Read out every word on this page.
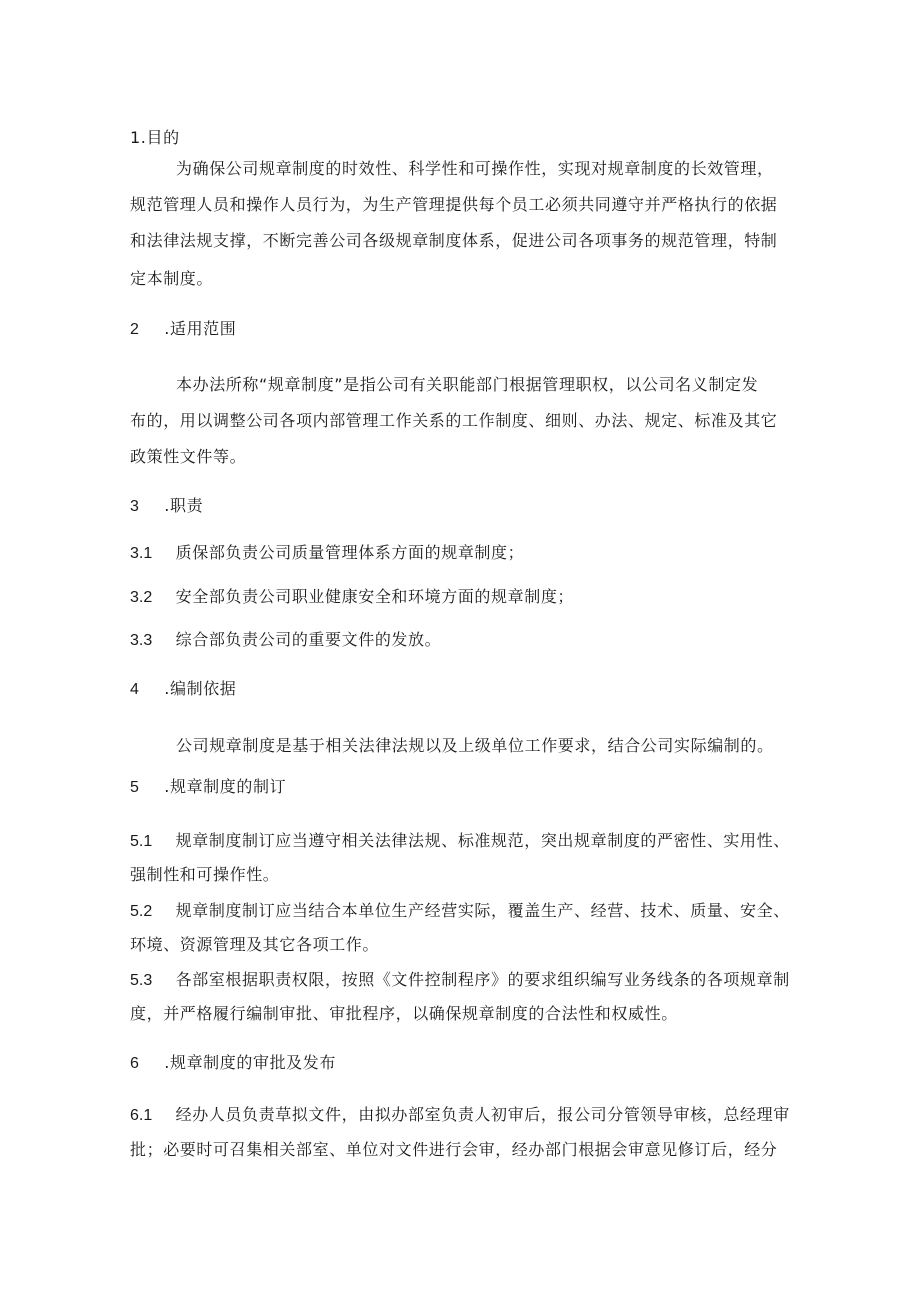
1.目的
为确保公司规章制度的时效性、科学性和可操作性，实现对规章制度的长效管理，
规范管理人员和操作人员行为，为生产管理提供每个员工必须共同遵守并严格执行的依据
和法律法规支撑，不断完善公司各级规章制度体系，促进公司各项事务的规范管理，特制
定本制度。
2 .适用范围
本办法所称“规章制度”是指公司有关职能部门根据管理职权，以公司名义制定发
布的，用以调整公司各项内部管理工作关系的工作制度、细则、办法、规定、标准及其它
政策性文件等。
3 .职责
3.1 质保部负责公司质量管理体系方面的规章制度；
3.2 安全部负责公司职业健康安全和环境方面的规章制度；
3.3 综合部负责公司的重要文件的发放。
4 .编制依据
公司规章制度是基于相关法律法规以及上级单位工作要求，结合公司实际编制的。
5 .规章制度的制订
5.1 规章制度制订应当遵守相关法律法规、标准规范，突出规章制度的严密性、实用性、
强制性和可操作性。
5.2 规章制度制订应当结合本单位生产经营实际，覆盖生产、经营、技术、质量、安全、
环境、资源管理及其它各项工作。
5.3 各部室根据职责权限，按照《文件控制程序》的要求组织编写业务线条的各项规章制
度，并严格履行编制审批、审批程序，以确保规章制度的合法性和权威性。
6 .规章制度的审批及发布
6.1 经办人员负责草拟文件，由拟办部室负责人初审后，报公司分管领导审核，总经理审
批；必要时可召集相关部室、单位对文件进行会审，经办部门根据会审意见修订后，经分
